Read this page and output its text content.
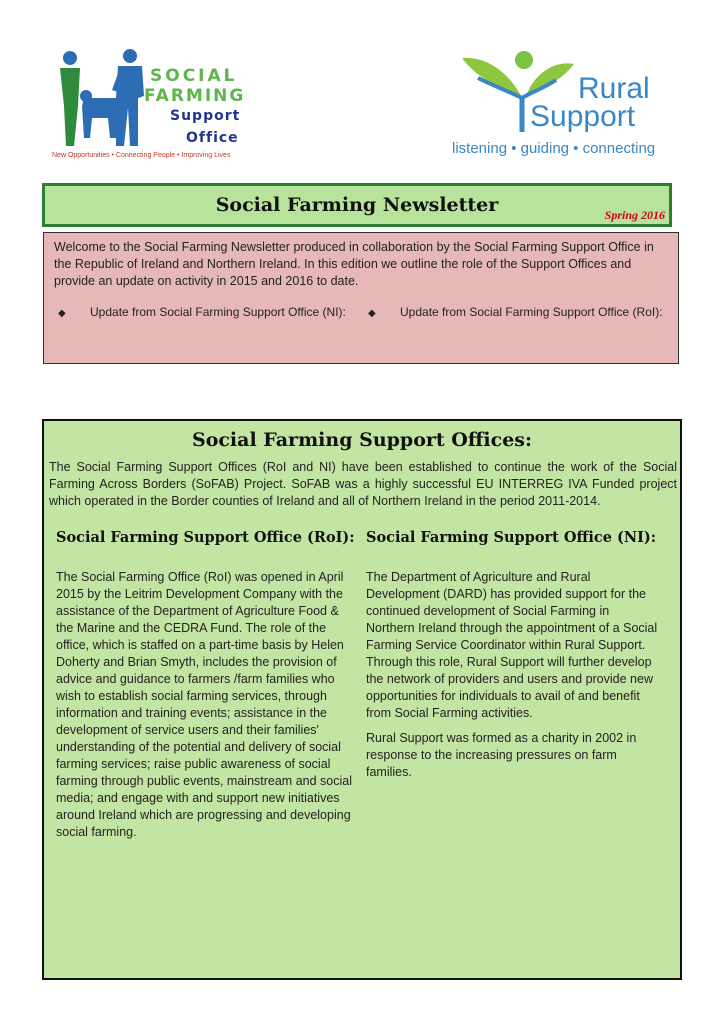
SOCIAL
FARMING
Support
Office
New Opportunities • Connecting People • Improving Lives
Rural
Support
listening • guiding • connecting
Social Farming Newsletter	Spring 2016
Welcome to the Social Farming Newsletter produced in collaboration by the Social Farming Support Office in the Republic of Ireland and Northern Ireland. In this edition we outline the role of the Support Offices and provide an update on activity in 2015 and 2016 to date.
◆ Update from Social Farming Support Office (NI): ◆ Update from Social Farming Support Office (RoI):
Social Farming Support Offices:
The Social Farming Support Offices (RoI and NI) have been established to continue the work of the Social Farming Across Borders (SoFAB) Project. SoFAB was a highly successful EU INTERREG IVA Funded project which operated in the Border counties of Ireland and all of Northern Ireland in the period 2011-2014.
Social Farming Support Office (RoI):

The Social Farming Office (RoI) was opened in April 2015 by the Leitrim Development Company with the assistance of the Department of Agriculture Food & the Marine and the CEDRA Fund. The role of the office, which is staffed on a part-time basis by Helen Doherty and Brian Smyth, includes the provision of advice and guidance to farmers /farm families who wish to establish social farming services, through information and training events; assistance in the development of service users and their families' understanding of the potential and delivery of social farming services; raise public awareness of social farming through public events, mainstream and social media; and engage with and support new initiatives around Ireland which are progressing and developing social farming.

Social Farming Support Office (NI):

The Department of Agriculture and Rural Development (DARD) has provided support for the continued development of Social Farming in Northern Ireland through the appointment of a Social Farming Service Coordinator within Rural Support. Through this role, Rural Support will further develop the network of providers and users and provide new opportunities for individuals to avail of and benefit from Social Farming activities.

Rural Support was formed as a charity in 2002 in response to the increasing pressures on farm families.
